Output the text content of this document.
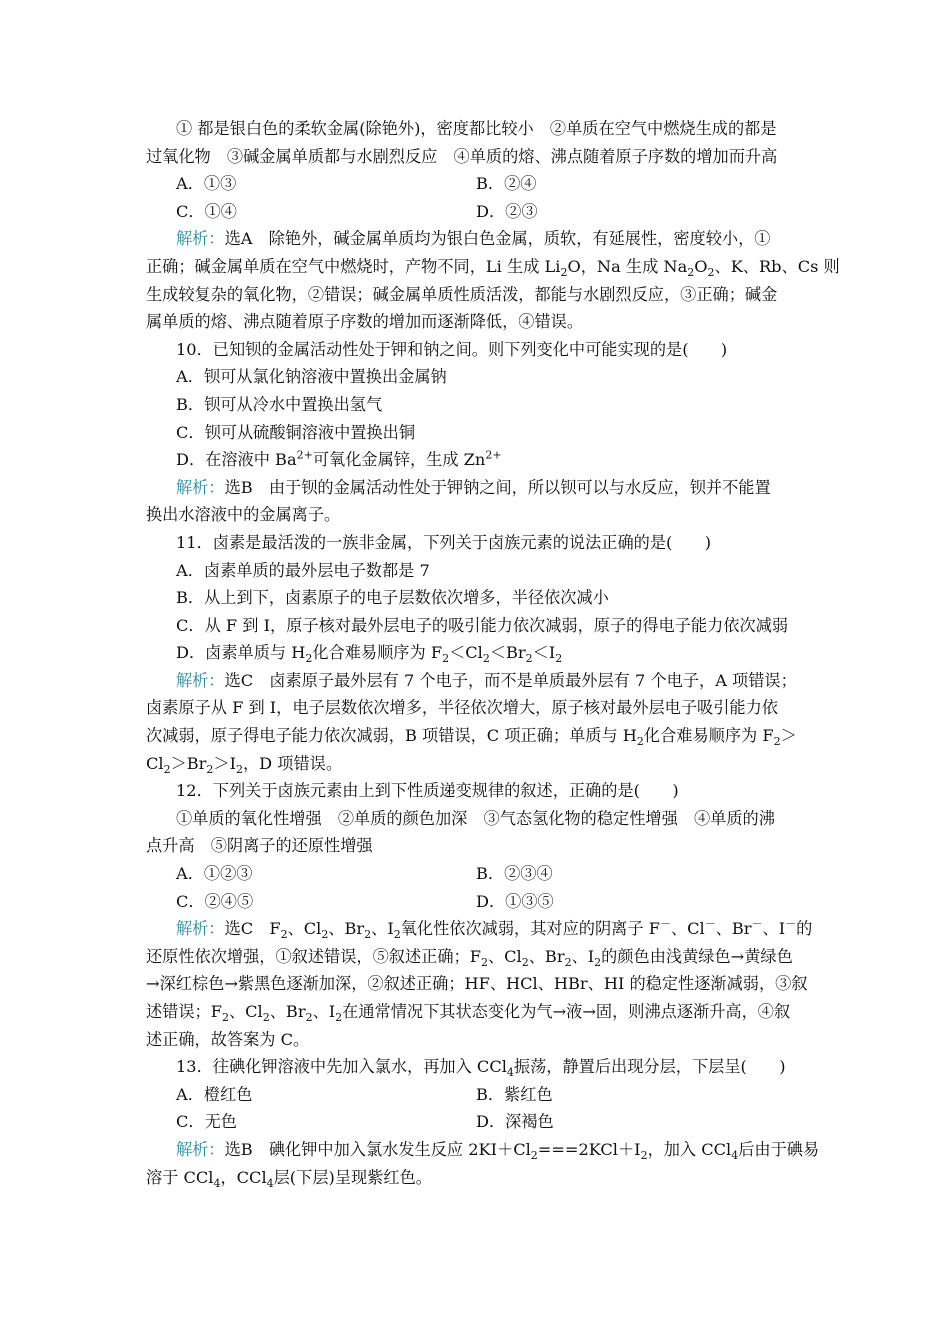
① 都是银白色的柔软金属(除铯外)，密度都比较小　②单质在空气中燃烧生成的都是
过氧化物　③碱金属单质都与水剧烈反应　④单质的熔、沸点随着原子序数的增加而升高
A．①③	B．②④
C．①④	D．②③
解析：选A　除铯外，碱金属单质均为银白色金属，质软，有延展性，密度较小，①
正确；碱金属单质在空气中燃烧时，产物不同，Li 生成 $Li_2O$，Na 生成 $Na_2O_2$、K、Rb、Cs 则
生成较复杂的氧化物，②错误；碱金属单质性质活泼，都能与水剧烈反应，③正确；碱金
属单质的熔、沸点随着原子序数的增加而逐渐降低，④错误。
10．已知钡的金属活动性处于钾和钠之间。则下列变化中可能实现的是(　　)
A．钡可从氯化钠溶液中置换出金属钠
B．钡可从冷水中置换出氢气
C．钡可从硫酸铜溶液中置换出铜
D．在溶液中 $Ba^{2+}$可氧化金属锌，生成 $Zn^{2+}$
解析：选B　由于钡的金属活动性处于钾钠之间，所以钡可以与水反应，钡并不能置
换出水溶液中的金属离子。
11．卤素是最活泼的一族非金属，下列关于卤族元素的说法正确的是(　　)
A．卤素单质的最外层电子数都是 7
B．从上到下，卤素原子的电子层数依次增多，半径依次减小
C．从 F 到 I，原子核对最外层电子的吸引能力依次减弱，原子的得电子能力依次减弱
D．卤素单质与 $H_2$化合难易顺序为 $F_2<Cl_2<Br_2<I_2$
解析：选C　卤素原子最外层有 7 个电子，而不是单质最外层有 7 个电子，A 项错误；
卤素原子从 F 到 I，电子层数依次增多，半径依次增大，原子核对最外层电子吸引能力依
次减弱，原子得电子能力依次减弱，B 项错误，C 项正确；单质与 $H_2$化合难易顺序为 $F_2>$
$Cl_2>Br_2>I_2$，D 项错误。
12．下列关于卤族元素由上到下性质递变规律的叙述，正确的是(　　)
①单质的氧化性增强　②单质的颜色加深　③气态氢化物的稳定性增强　④单质的沸
点升高　⑤阴离子的还原性增强
A．①②③	B．②③④
C．②④⑤	D．①③⑤
解析：选C　$F_2$、$Cl_2$、$Br_2$、$I_2$氧化性依次减弱，其对应的阴离子 F－、Cl－、Br－、I－的
还原性依次增强，①叙述错误，⑤叙述正确；$F_2$、$Cl_2$、$Br_2$、$I_2$的颜色由浅黄绿色→黄绿色
→深红棕色→紫黑色逐渐加深，②叙述正确；HF、HCl、HBr、HI 的稳定性逐渐减弱，③叙
述错误；$F_2$、$Cl_2$、$Br_2$、$I_2$在通常情况下其状态变化为气→液→固，则沸点逐渐升高，④叙
述正确，故答案为 C。
13．往碘化钾溶液中先加入氯水，再加入 CCl$_4$振荡，静置后出现分层，下层呈(　　)
A．橙红色	B．紫红色
C．无色	D．深褐色
解析：选B　碘化钾中加入氯水发生反应 $2KI+Cl_2===2KCl+I_2$，加入 CCl$_4$后由于碘易
溶于 CCl$_4$，CCl$_4$层(下层)呈现紫红色。
